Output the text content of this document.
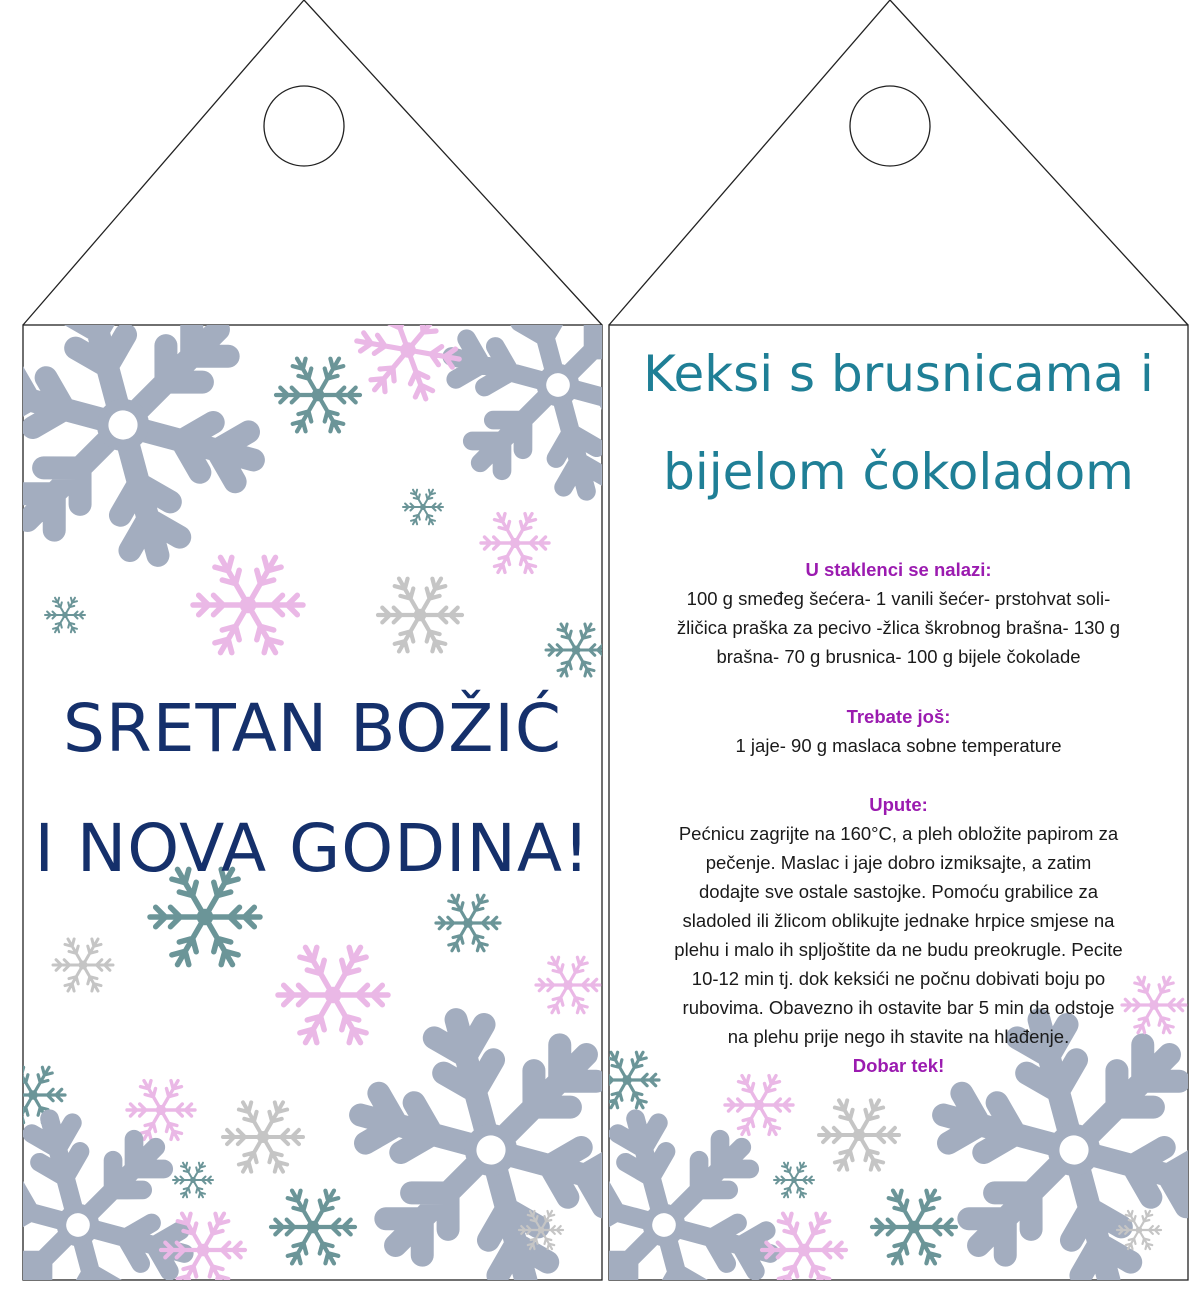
SRETAN BOŽIĆ
I NOVA GODINA!
Keksi s brusnicama i
bijelom čokoladom
U staklenci se nalazi:
100 g smeđeg šećera- 1 vanili šećer- prstohvat soli-
žličica praška za pecivo -žlica škrobnog brašna- 130 g
brašna- 70 g brusnica- 100 g bijele čokolade
Trebate još:
1 jaje- 90 g maslaca sobne temperature
Upute:
Pećnicu zagrijte na 160°C, a pleh obložite papirom za
pečenje. Maslac i jaje dobro izmiksajte, a zatim
dodajte sve ostale sastojke. Pomoću grabilice za
sladoled ili žlicom oblikujte jednake hrpice smjese na
plehu i malo ih spljoštite da ne budu preokrugle. Pecite
10-12 min tj. dok keksići ne počnu dobivati boju po
rubovima. Obavezno ih ostavite bar 5 min da odstoje
na plehu prije nego ih stavite na hlađenje.
Dobar tek!
